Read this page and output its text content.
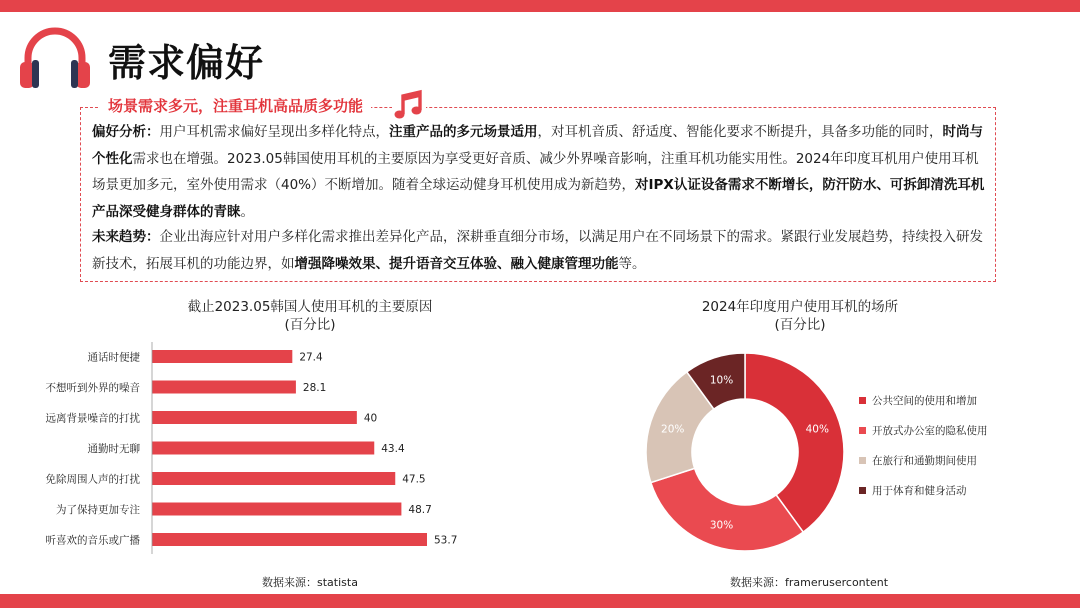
需求偏好
场景需求多元，注重耳机高品质多功能
偏好分析：用户耳机需求偏好呈现出多样化特点，注重产品的多元场景适用，对耳机音质、舒适度、智能化要求不断提升，具备多功能的同时，时尚与个性化需求也在增强。2023.05韩国使用耳机的主要原因为享受更好音质、减少外界噪音影响，注重耳机功能实用性。2024年印度耳机用户使用耳机场景更加多元，室外使用需求（40%）不断增加。随着全球运动健身耳机使用成为新趋势，对IPX认证设备需求不断增长，防汗防水、可拆卸清洗耳机产品深受健身群体的青睐。
未来趋势：企业出海应针对用户多样化需求推出差异化产品，深耕垂直细分市场，以满足用户在不同场景下的需求。紧跟行业发展趋势，持续投入研发新技术，拓展耳机的功能边界，如增强降噪效果、提升语音交互体验、融入健康管理功能等。
截止2023.05韩国人使用耳机的主要原因
(百分比)
通话时便捷	27.4
不想听到外界的噪音	28.1
远离背景噪音的打扰	40
通勤时无聊	43.4
免除周围人声的打扰	47.5
为了保持更加专注	48.7
听喜欢的音乐或广播	53.7
2024年印度用户使用耳机的场所
(百分比)
40%
30%
20%
10%
公共空间的使用和增加
开放式办公室的隐私使用
在旅行和通勤期间使用
用于体育和健身活动
数据来源：statista	数据来源：framerusercontent
